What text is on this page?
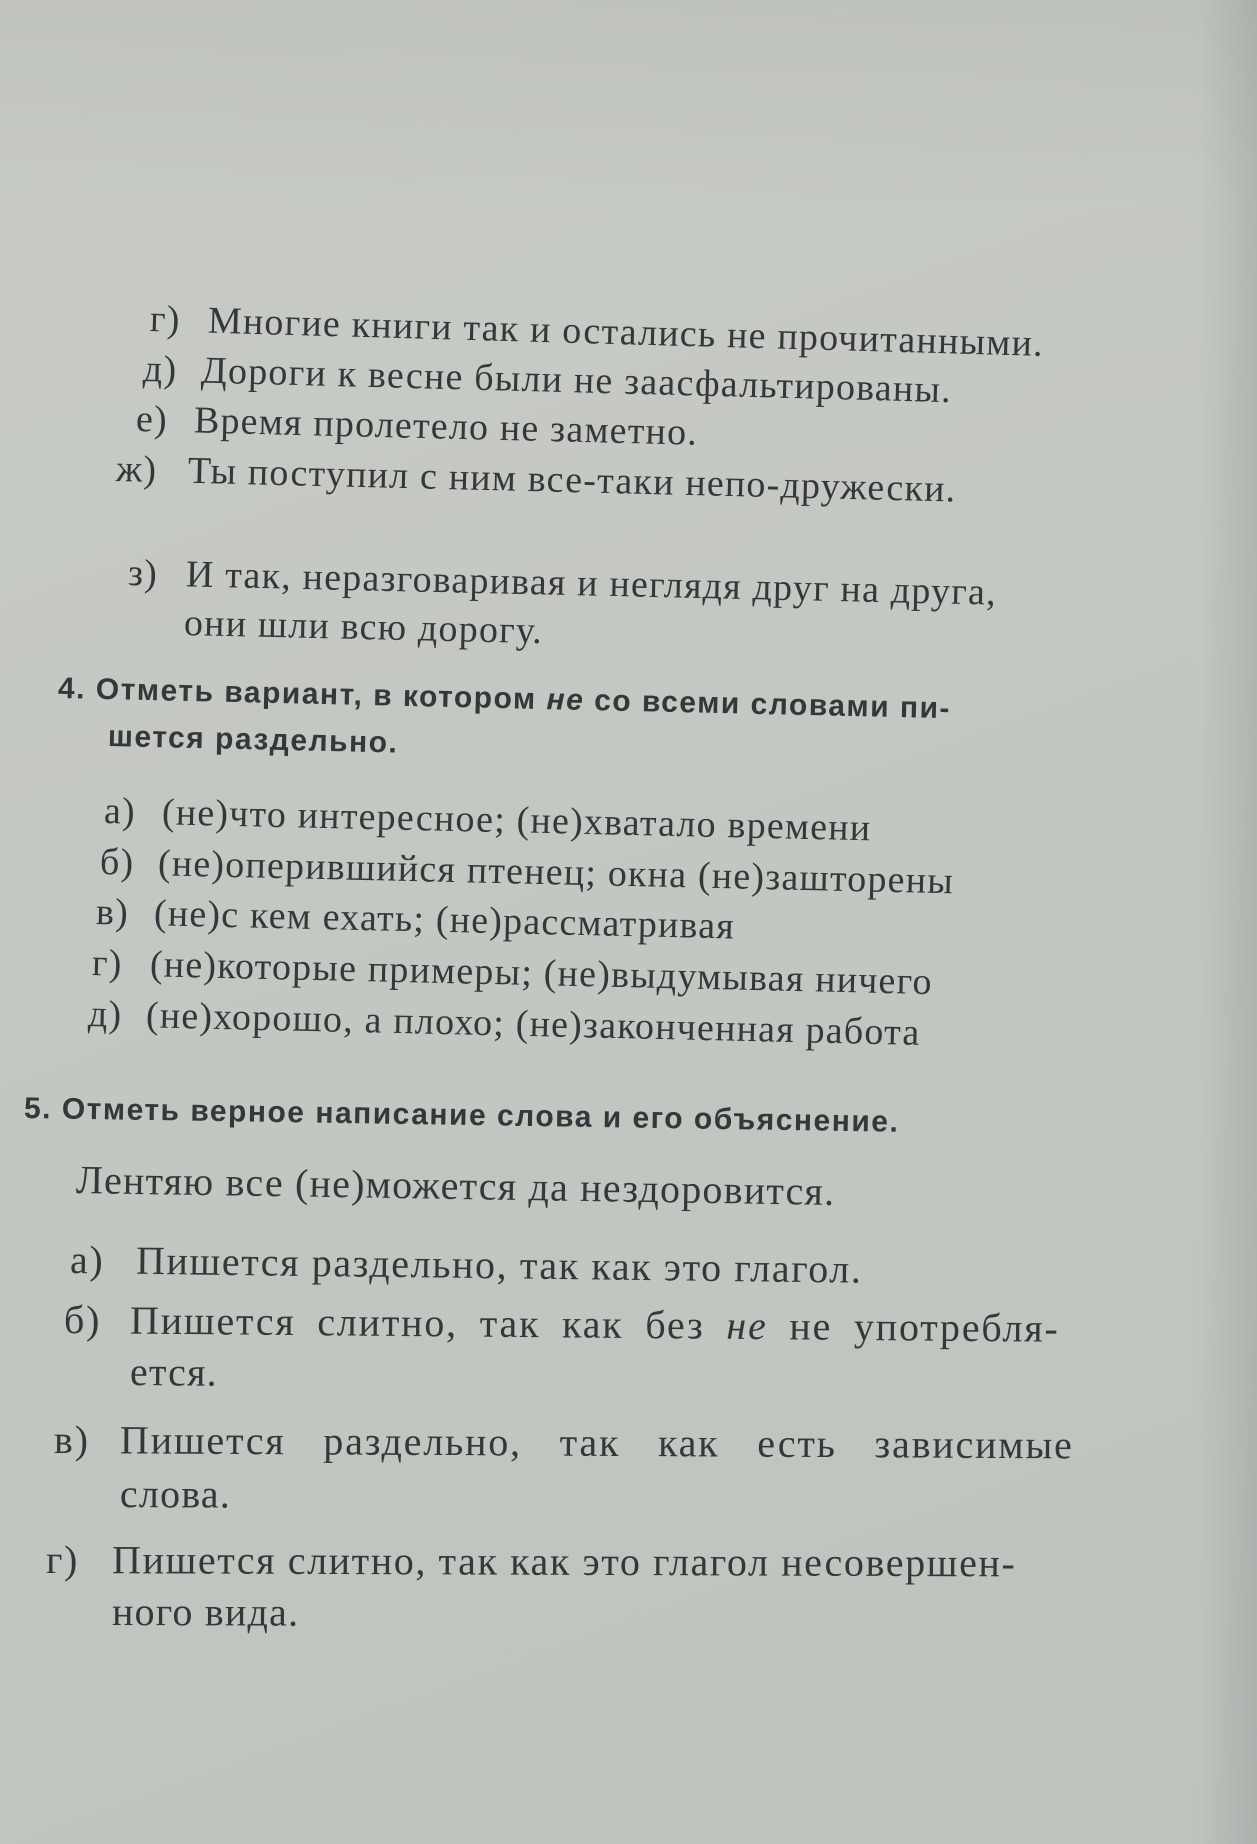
г) Многие книги так и остались не прочитанными.
д) Дороги к весне были не заасфальтированы.
е) Время пролетело не заметно.
ж) Ты поступил с ним все-таки непо-дружески.
з) И так, неразговаривая и неглядя друг на друга,
они шли всю дорогу.
4. Отметь вариант, в котором не со всеми словами пи-
шется раздельно.
а) (не)что интересное; (не)хватало времени
б) (не)оперившийся птенец; окна (не)зашторены
в) (не)с кем ехать; (не)рассматривая
г) (не)которые примеры; (не)выдумывая ничего
д) (не)хорошо, а плохо; (не)законченная работа
5. Отметь верное написание слова и его объяснение.
Лентяю все (не)можется да нездоровится.
а) Пишется раздельно, так как это глагол.
б) Пишется слитно, так как без не не употребля-
ется.
в) Пишется раздельно, так как есть зависимые
слова.
г) Пишется слитно, так как это глагол несовершен-
ного вида.
